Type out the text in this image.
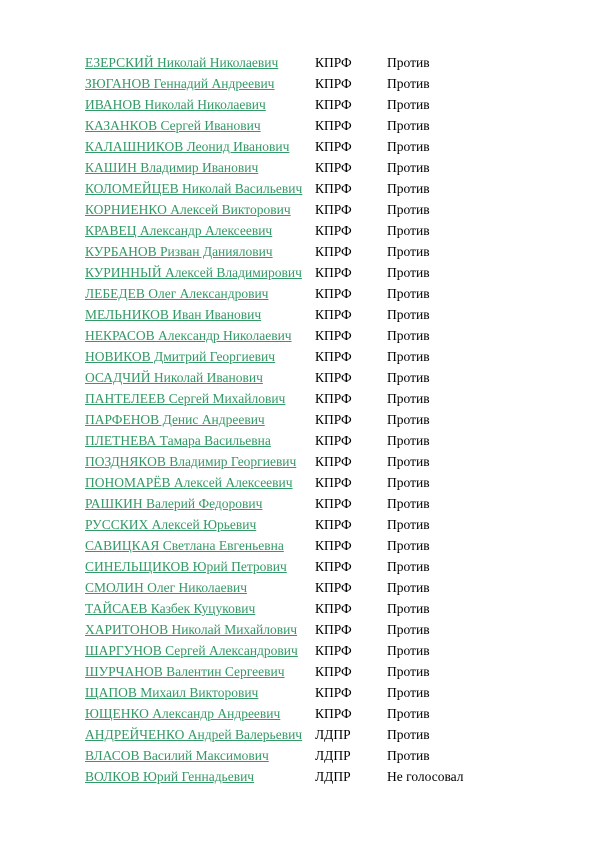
ЕЗЕРСКИЙ Николай Николаевич	КПРФ	Против
ЗЮГАНОВ Геннадий Андреевич	КПРФ	Против
ИВАНОВ Николай Николаевич	КПРФ	Против
КАЗАНКОВ Сергей Иванович	КПРФ	Против
КАЛАШНИКОВ Леонид Иванович	КПРФ	Против
КАШИН Владимир Иванович	КПРФ	Против
КОЛОМЕЙЦЕВ Николай Васильевич КПРФ	Против
КОРНИЕНКО Алексей Викторович	КПРФ	Против
КРАВЕЦ Александр Алексеевич	КПРФ	Против
КУРБАНОВ Ризван Даниялович	КПРФ	Против
КУРИННЫЙ Алексей Владимирович КПРФ	Против
ЛЕБЕДЕВ Олег Александрович	КПРФ	Против
МЕЛЬНИКОВ Иван Иванович	КПРФ	Против
НЕКРАСОВ Александр Николаевич	КПРФ	Против
НОВИКОВ Дмитрий Георгиевич	КПРФ	Против
ОСАДЧИЙ Николай Иванович	КПРФ	Против
ПАНТЕЛЕЕВ Сергей Михайлович	КПРФ	Против
ПАРФЕНОВ Денис Андреевич	КПРФ	Против
ПЛЕТНЕВА Тамара Васильевна	КПРФ	Против
ПОЗДНЯКОВ Владимир Георгиевич	КПРФ	Против
ПОНОМАРЁВ Алексей Алексеевич	КПРФ	Против
РАШКИН Валерий Федорович	КПРФ	Против
РУССКИХ Алексей Юрьевич	КПРФ	Против
САВИЦКАЯ Светлана Евгеньевна	КПРФ	Против
СИНЕЛЬЩИКОВ Юрий Петрович	КПРФ	Против
СМОЛИН Олег Николаевич	КПРФ	Против
ТАЙСАЕВ Казбек Куцукович	КПРФ	Против
ХАРИТОНОВ Николай Михайлович	КПРФ	Против
ШАРГУНОВ Сергей Александрович	КПРФ	Против
ШУРЧАНОВ Валентин Сергеевич	КПРФ	Против
ЩАПОВ Михаил Викторович	КПРФ	Против
ЮЩЕНКО Александр Андреевич	КПРФ	Против
АНДРЕЙЧЕНКО Андрей Валерьевич ЛДПР	Против
ВЛАСОВ Василий Максимович	ЛДПР	Против
ВОЛКОВ Юрий Геннадьевич	ЛДПР	Не голосовал
